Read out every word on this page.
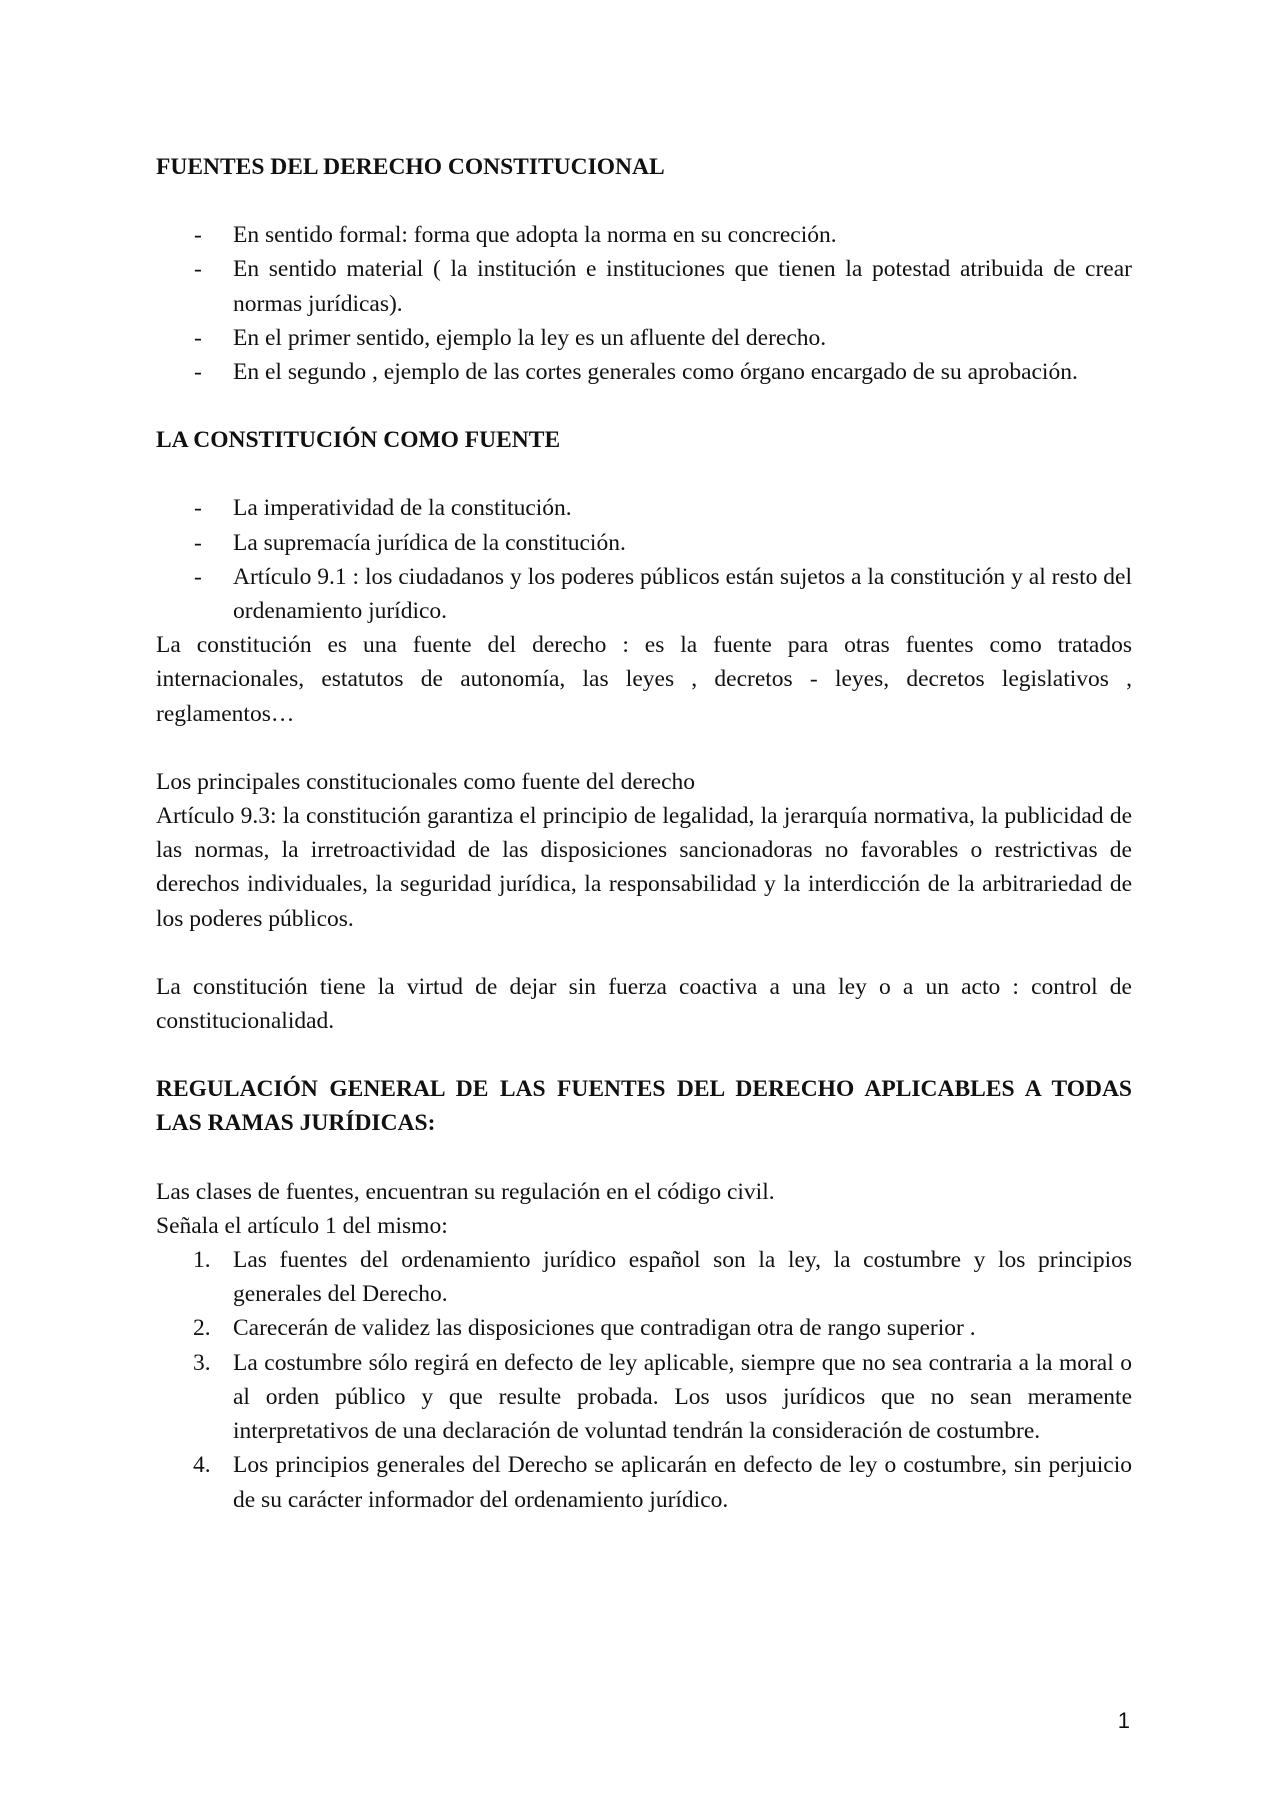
FUENTES DEL DERECHO CONSTITUCIONAL
- En sentido formal: forma que adopta la norma en su concreción.
- En sentido material ( la institución e instituciones que tienen la potestad atribuida de crear normas jurídicas).
- En el primer sentido, ejemplo la ley es un afluente del derecho.
- En el segundo , ejemplo de las cortes generales como órgano encargado de su aprobación.
LA CONSTITUCIÓN COMO FUENTE
- La imperatividad de la constitución.
- La supremacía jurídica de la constitución.
- Artículo 9.1 : los ciudadanos y los poderes públicos están sujetos a la constitución y al resto del ordenamiento jurídico.

La constitución es una fuente del derecho : es la fuente para otras fuentes como tratados internacionales, estatutos de autonomía, las leyes , decretos - leyes, decretos legislativos , reglamentos…

Los principales constitucionales como fuente del derecho

Artículo 9.3: la constitución garantiza el principio de legalidad, la jerarquía normativa, la publicidad de las normas, la irretroactividad de las disposiciones sancionadoras no favorables o restrictivas de derechos individuales, la seguridad jurídica, la responsabilidad y la interdicción de la arbitrariedad de los poderes públicos.

La constitución tiene la virtud de dejar sin fuerza coactiva a una ley o a un acto : control de constitucionalidad.

REGULACIÓN GENERAL DE LAS FUENTES DEL DERECHO APLICABLES A TODAS LAS RAMAS JURÍDICAS:

Las clases de fuentes, encuentran su regulación en el código civil.

Señala el artículo 1 del mismo:

1. Las fuentes del ordenamiento jurídico español son la ley, la costumbre y los principios generales del Derecho.
2. Carecerán de validez las disposiciones que contradigan otra de rango superior .
3. La costumbre sólo regirá en defecto de ley aplicable, siempre que no sea contraria a la moral o al orden público y que resulte probada. Los usos jurídicos que no sean meramente interpretativos de una declaración de voluntad tendrán la consideración de costumbre.
4. Los principios generales del Derecho se aplicarán en defecto de ley o costumbre, sin perjuicio de su carácter informador del ordenamiento jurídico.
1
